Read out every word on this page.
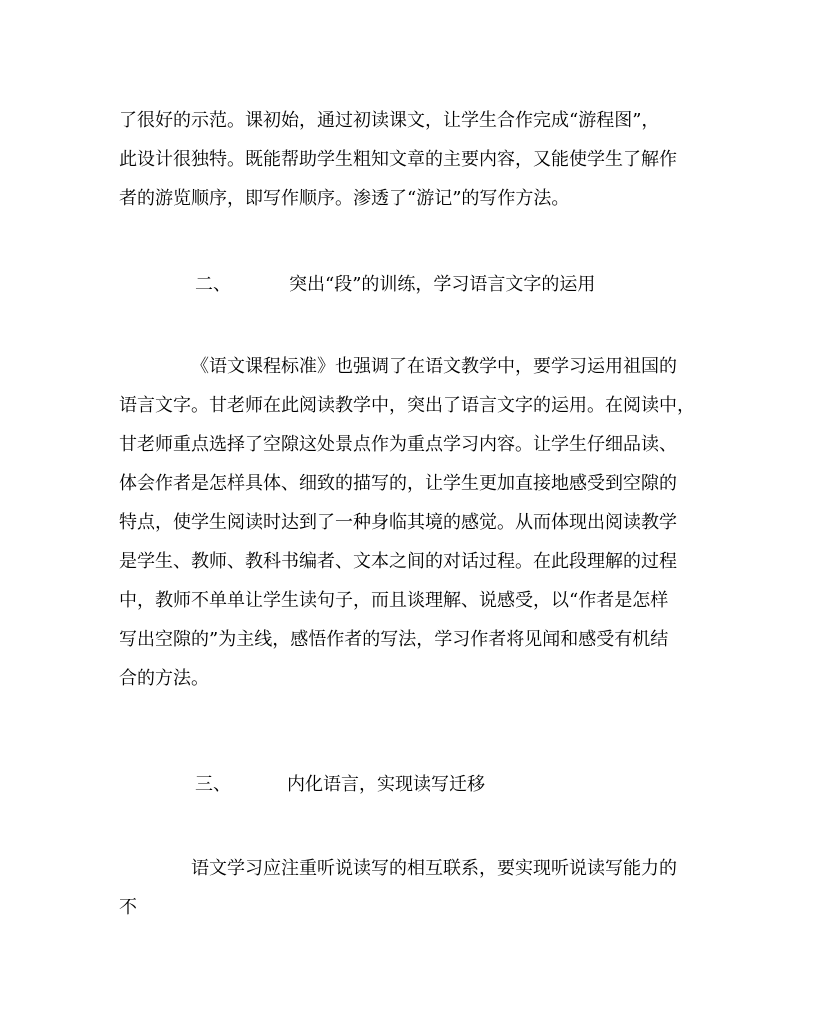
了很好的示范。课初始，通过初读课文，让学生合作完成“游程图”，
此设计很独特。既能帮助学生粗知文章的主要内容，又能使学生了解作
者的游览顺序，即写作顺序。渗透了“游记”的写作方法。
二、	突出“段”的训练，学习语言文字的运用
《语文课程标准》也强调了在语文教学中，要学习运用祖国的
语言文字。甘老师在此阅读教学中，突出了语言文字的运用。在阅读中，
甘老师重点选择了空隙这处景点作为重点学习内容。让学生仔细品读、
体会作者是怎样具体、细致的描写的，让学生更加直接地感受到空隙的
特点，使学生阅读时达到了一种身临其境的感觉。从而体现出阅读教学
是学生、教师、教科书编者、文本之间的对话过程。在此段理解的过程
中，教师不单单让学生读句子，而且谈理解、说感受，以“作者是怎样
写出空隙的”为主线，感悟作者的写法，学习作者将见闻和感受有机结
合的方法。
三、	内化语言，实现读写迁移
语文学习应注重听说读写的相互联系，要实现听说读写能力的
不
